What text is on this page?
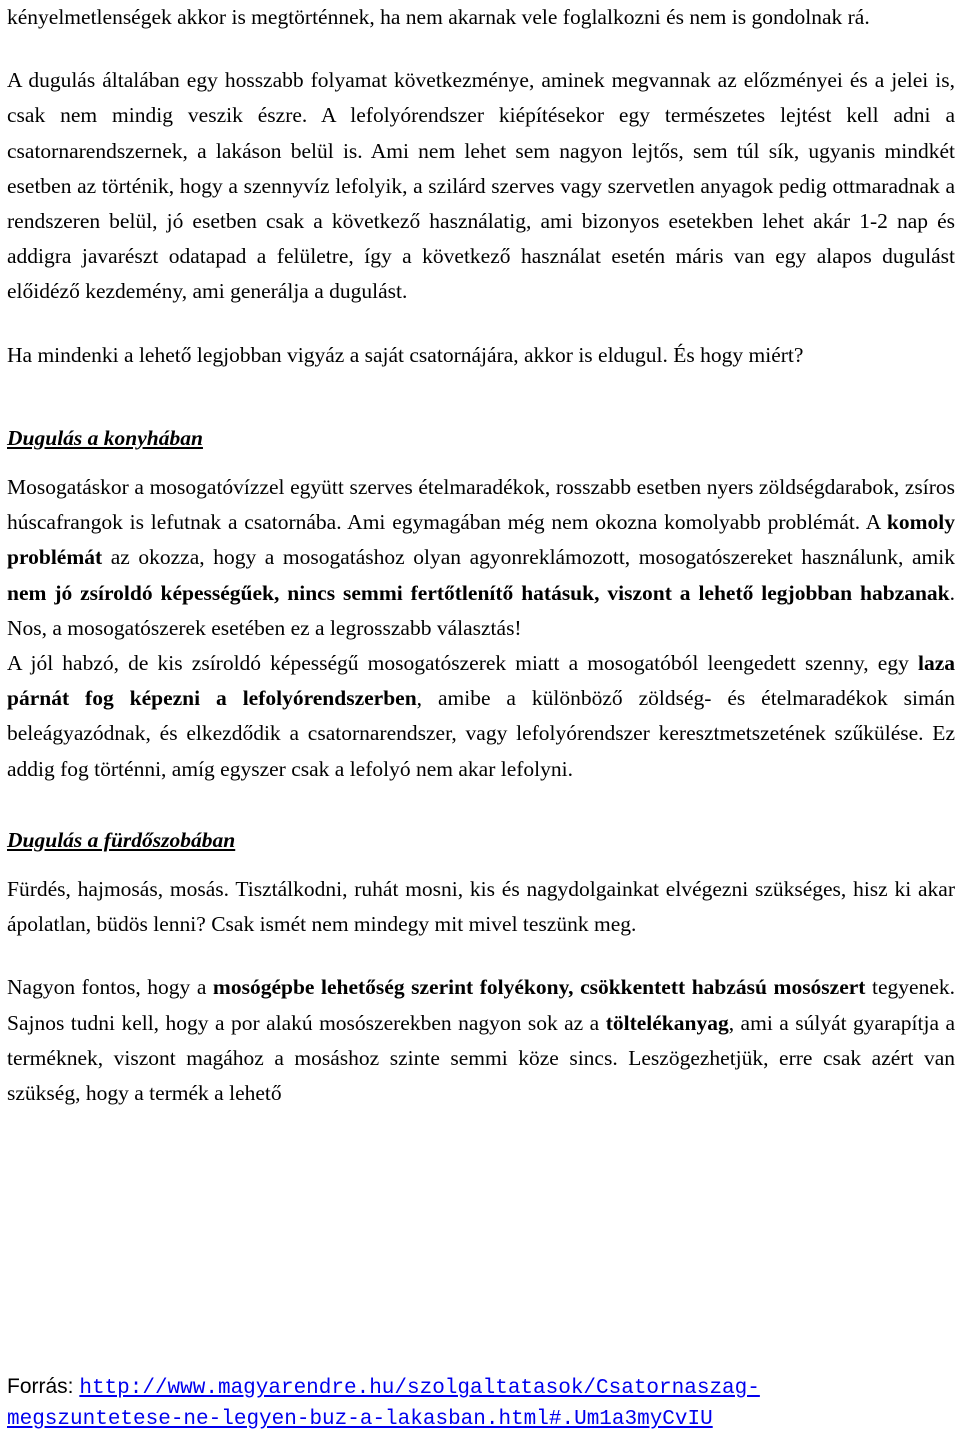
kényelmetlenségek akkor is megtörténnek, ha nem akarnak vele foglalkozni és nem is gondolnak rá.

A dugulás általában egy hosszabb folyamat következménye, aminek megvannak az előzményei és a jelei is, csak nem mindig veszik észre. A lefolyórendszer kiépítésekor egy természetes lejtést kell adni a csatornarendszernek, a lakáson belül is. Ami nem lehet sem nagyon lejtős, sem túl sík, ugyanis mindkét esetben az történik, hogy a szennyvíz lefolyik, a szilárd szerves vagy szervetlen anyagok pedig ottmaradnak a rendszeren belül, jó esetben csak a következő használatig, ami bizonyos esetekben lehet akár 1-2 nap és addigra javarészt odatapad a felületre, így a következő használat esetén máris van egy alapos dugulást előidéző kezdemény, ami generálja a dugulást.

Ha mindenki a lehető legjobban vigyáz a saját csatornájára, akkor is eldugul. És hogy miért?

Dugulás a konyhában

Mosogatáskor a mosogatóvízzel együtt szerves ételmaradékok, rosszabb esetben nyers zöldségdarabok, zsíros húscafrangok is lefutnak a csatornába. Ami egymagában még nem okozna komolyabb problémát. A komoly problémát az okozza, hogy a mosogatáshoz olyan agyonreklámozott, mosogatószereket használunk, amik nem jó zsíroldó képességűek, nincs semmi fertőtlenítő hatásuk, viszont a lehető legjobban habzanak. Nos, a mosogatószerek esetében ez a legrosszabb választás!

A jól habzó, de kis zsíroldó képességű mosogatószerek miatt a mosogatóból leengedett szenny, egy laza párnát fog képezni a lefolyórendszerben, amibe a különböző zöldség- és ételmaradékok simán beleágyazódnak, és elkezdődik a csatornarendszer, vagy lefolyórendszer keresztmetszetének szűkülése. Ez addig fog történni, amíg egyszer csak a lefolyó nem akar lefolyni.

Dugulás a fürdőszobában

Fürdés, hajmosás, mosás. Tisztálkodni, ruhát mosni, kis és nagydolgainkat elvégezni szükséges, hisz ki akar ápolatlan, büdös lenni? Csak ismét nem mindegy mit mivel teszünk meg.

Nagyon fontos, hogy a mosógépbe lehetőség szerint folyékony, csökkentett habzású mosószert tegyenek. Sajnos tudni kell, hogy a por alakú mosószerekben nagyon sok az a töltelékanyag, ami a súlyát gyarapítja a terméknek, viszont magához a mosáshoz szinte semmi köze sincs. Leszögezhetjük, erre csak azért van szükség, hogy a termék a lehető

Forrás: http://www.magyarendre.hu/szolgaltatasok/Csatornaszag-
megszuntetese-ne-legyen-buz-a-lakasban.html#.Um1a3myCvIU
